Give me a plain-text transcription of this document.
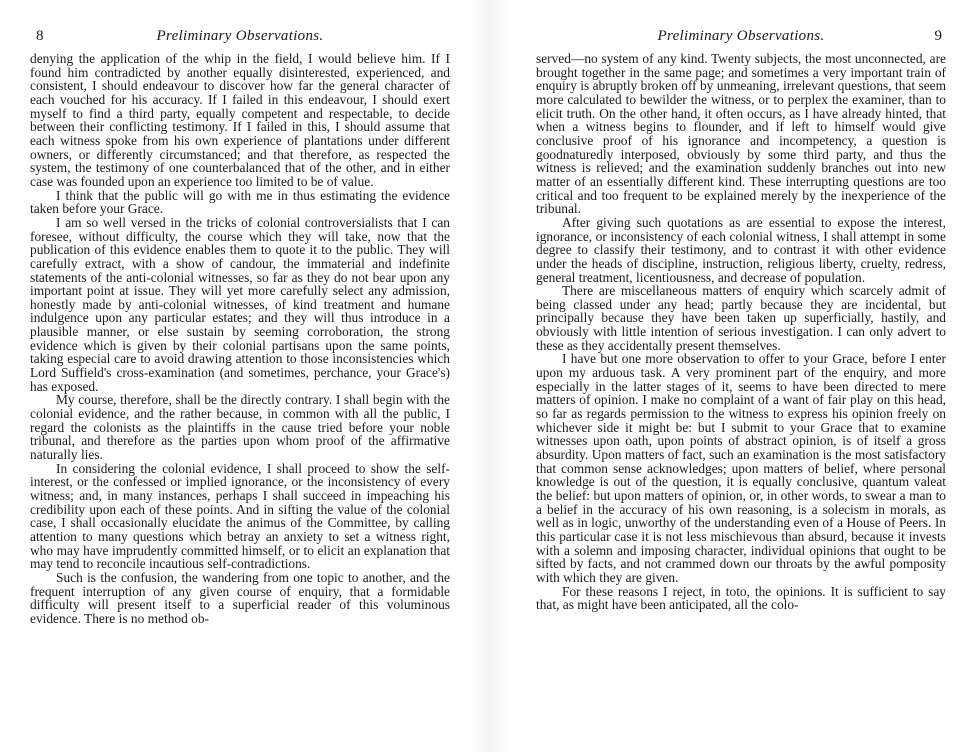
8	Preliminary Observations.

denying the application of the whip in the field, I would believe him. If I found him contradicted by another equally disinterested, experienced, and consistent, I should endeavour to discover how far the general character of each vouched for his accuracy. If I failed in this endeavour, I should exert myself to find a third party, equally competent and respectable, to decide between their conflicting testimony. If I failed in this, I should assume that each witness spoke from his own experience of plantations under different owners, or differently circumstanced; and that therefore, as respected the system, the testimony of one counterbalanced that of the other, and in either case was founded upon an experience too limited to be of value.

I think that the public will go with me in thus estimating the evidence taken before your Grace.

I am so well versed in the tricks of colonial controversialists that I can foresee, without difficulty, the course which they will take, now that the publication of this evidence enables them to quote it to the public. They will carefully extract, with a show of candour, the immaterial and indefinite statements of the anti-colonial witnesses, so far as they do not bear upon any important point at issue. They will yet more carefully select any admission, honestly made by anti-colonial witnesses, of kind treatment and humane indulgence upon any particular estates; and they will thus introduce in a plausible manner, or else sustain by seeming corroboration, the strong evidence which is given by their colonial partisans upon the same points, taking especial care to avoid drawing attention to those inconsistencies which Lord Suffield's cross-examination (and sometimes, perchance, your Grace's) has exposed.

My course, therefore, shall be the directly contrary. I shall begin with the colonial evidence, and the rather because, in common with all the public, I regard the colonists as the plaintiffs in the cause tried before your noble tribunal, and therefore as the parties upon whom proof of the affirmative naturally lies.

In considering the colonial evidence, I shall proceed to show the self-interest, or the confessed or implied ignorance, or the inconsistency of every witness; and, in many instances, perhaps I shall succeed in impeaching his credibility upon each of these points. And in sifting the value of the colonial case, I shall occasionally elucidate the animus of the Committee, by calling attention to many questions which betray an anxiety to set a witness right, who may have imprudently committed himself, or to elicit an explanation that may tend to reconcile incautious self-contradictions.

Such is the confusion, the wandering from one topic to another, and the frequent interruption of any given course of enquiry, that a formidable difficulty will present itself to a superficial reader of this voluminous evidence. There is no method ob-

Preliminary Observations.	9

served—no system of any kind. Twenty subjects, the most unconnected, are brought together in the same page; and sometimes a very important train of enquiry is abruptly broken off by unmeaning, irrelevant questions, that seem more calculated to bewilder the witness, or to perplex the examiner, than to elicit truth. On the other hand, it often occurs, as I have already hinted, that when a witness begins to flounder, and if left to himself would give conclusive proof of his ignorance and incompetency, a question is goodnaturedly interposed, obviously by some third party, and thus the witness is relieved; and the examination suddenly branches out into new matter of an essentially different kind. These interrupting questions are too critical and too frequent to be explained merely by the inexperience of the tribunal.

After giving such quotations as are essential to expose the interest, ignorance, or inconsistency of each colonial witness, I shall attempt in some degree to classify their testimony, and to contrast it with other evidence under the heads of discipline, instruction, religious liberty, cruelty, redress, general treatment, licentiousness, and decrease of population.

There are miscellaneous matters of enquiry which scarcely admit of being classed under any head; partly because they are incidental, but principally because they have been taken up superficially, hastily, and obviously with little intention of serious investigation. I can only advert to these as they accidentally present themselves.

I have but one more observation to offer to your Grace, before I enter upon my arduous task. A very prominent part of the enquiry, and more especially in the latter stages of it, seems to have been directed to mere matters of opinion. I make no complaint of a want of fair play on this head, so far as regards permission to the witness to express his opinion freely on whichever side it might be: but I submit to your Grace that to examine witnesses upon oath, upon points of abstract opinion, is of itself a gross absurdity. Upon matters of fact, such an examination is the most satisfactory that common sense acknowledges; upon matters of belief, where personal knowledge is out of the question, it is equally conclusive, quantum valeat the belief: but upon matters of opinion, or, in other words, to swear a man to a belief in the accuracy of his own reasoning, is a solecism in morals, as well as in logic, unworthy of the understanding even of a House of Peers. In this particular case it is not less mischievous than absurd, because it invests with a solemn and imposing character, individual opinions that ought to be sifted by facts, and not crammed down our throats by the awful pomposity with which they are given.

For these reasons I reject, in toto, the opinions. It is sufficient to say that, as might have been anticipated, all the colo-
